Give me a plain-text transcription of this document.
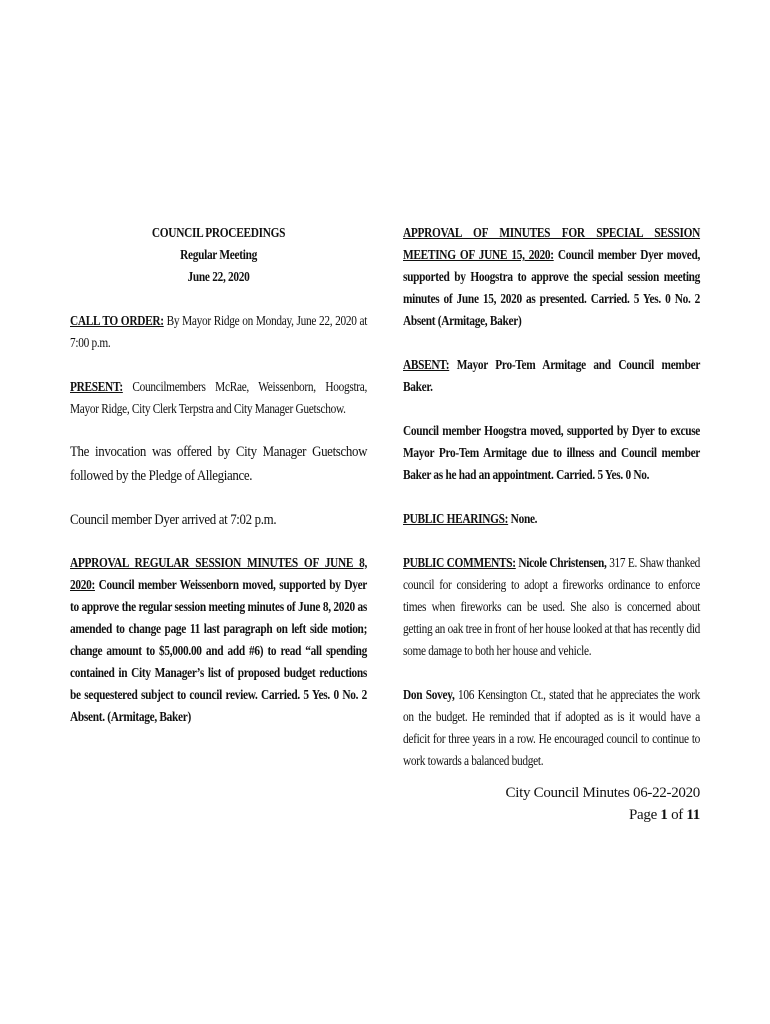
COUNCIL PROCEEDINGS

Regular Meeting

June 22, 2020

CALL TO ORDER: By Mayor Ridge on Monday, June 22, 2020 at 7:00 p.m.

PRESENT: Councilmembers McRae, Weissenborn, Hoogstra, Mayor Ridge, City Clerk Terpstra and City Manager Guetschow.

The invocation was offered by City Manager Guetschow followed by the Pledge of Allegiance.

Council member Dyer arrived at 7:02 p.m.

APPROVAL REGULAR SESSION MINUTES OF JUNE 8, 2020: Council member Weissenborn moved, supported by Dyer to approve the regular session meeting minutes of June 8, 2020 as amended to change page 11 last paragraph on left side motion; change amount to $5,000.00 and add #6) to read “all spending contained in City Manager’s list of proposed budget reductions be sequestered subject to council review. Carried. 5 Yes. 0 No. 2 Absent. (Armitage, Baker)

APPROVAL OF MINUTES FOR SPECIAL SESSION MEETING OF JUNE 15, 2020: Council member Dyer moved, supported by Hoogstra to approve the special session meeting minutes of June 15, 2020 as presented. Carried. 5 Yes. 0 No. 2 Absent (Armitage, Baker)

ABSENT: Mayor Pro-Tem Armitage and Council member Baker.

Council member Hoogstra moved, supported by Dyer to excuse Mayor Pro-Tem Armitage due to illness and Council member Baker as he had an appointment. Carried. 5 Yes. 0 No.

PUBLIC HEARINGS: None.

PUBLIC COMMENTS: Nicole Christensen, 317 E. Shaw thanked council for considering to adopt a fireworks ordinance to enforce times when fireworks can be used. She also is concerned about getting an oak tree in front of her house looked at that has recently did some damage to both her house and vehicle.

Don Sovey, 106 Kensington Ct., stated that he appreciates the work on the budget. He reminded that if adopted as is it would have a deficit for three years in a row. He encouraged council to continue to work towards a balanced budget.

City Council Minutes 06-22-2020
Page 1 of 11
